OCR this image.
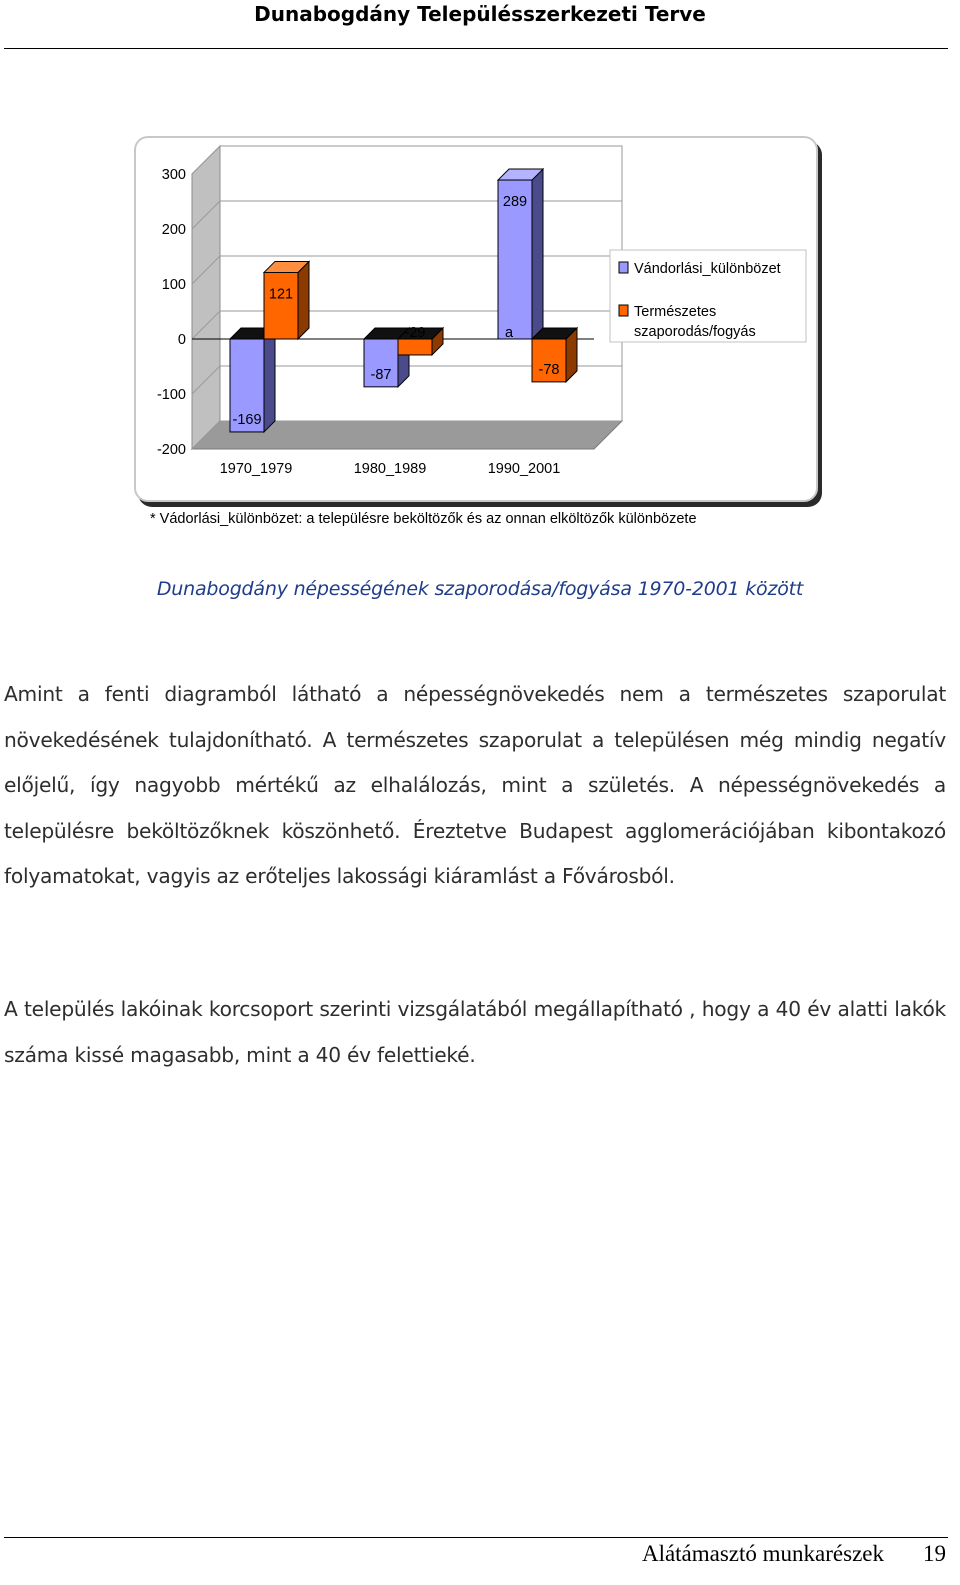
Dunabogdány Településszerkezeti Terve
300
200
100
0
-100
-200
-169
121
1970_1979
-87
-29
1980_1989
289
-78
1990_2001
a
Vándorlási_különbözet
Természetes
szaporodás/fogyás
* Vádorlási_különbözet: a településre beköltözők és az onnan elköltözők különbözete
Dunabogdány népességének szaporodása/fogyása 1970-2001 között
Amint a fenti diagramból látható a népességnövekedés nem a természetes szaporulat növekedésének tulajdonítható. A természetes szaporulat a településen még mindig negatív előjelű, így nagyobb mértékű az elhalálozás, mint a születés. A népességnövekedés a településre beköltözőknek köszönhető. Éreztetve Budapest agglomerációjában kibontakozó folyamatokat, vagyis az erőteljes lakossági kiáramlást a Fővárosból.
A település lakóinak korcsoport szerinti vizsgálatából megállapítható , hogy a 40 év alatti lakók száma kissé magasabb, mint a 40 év felettieké.
Alátámasztó munkarészek 19
